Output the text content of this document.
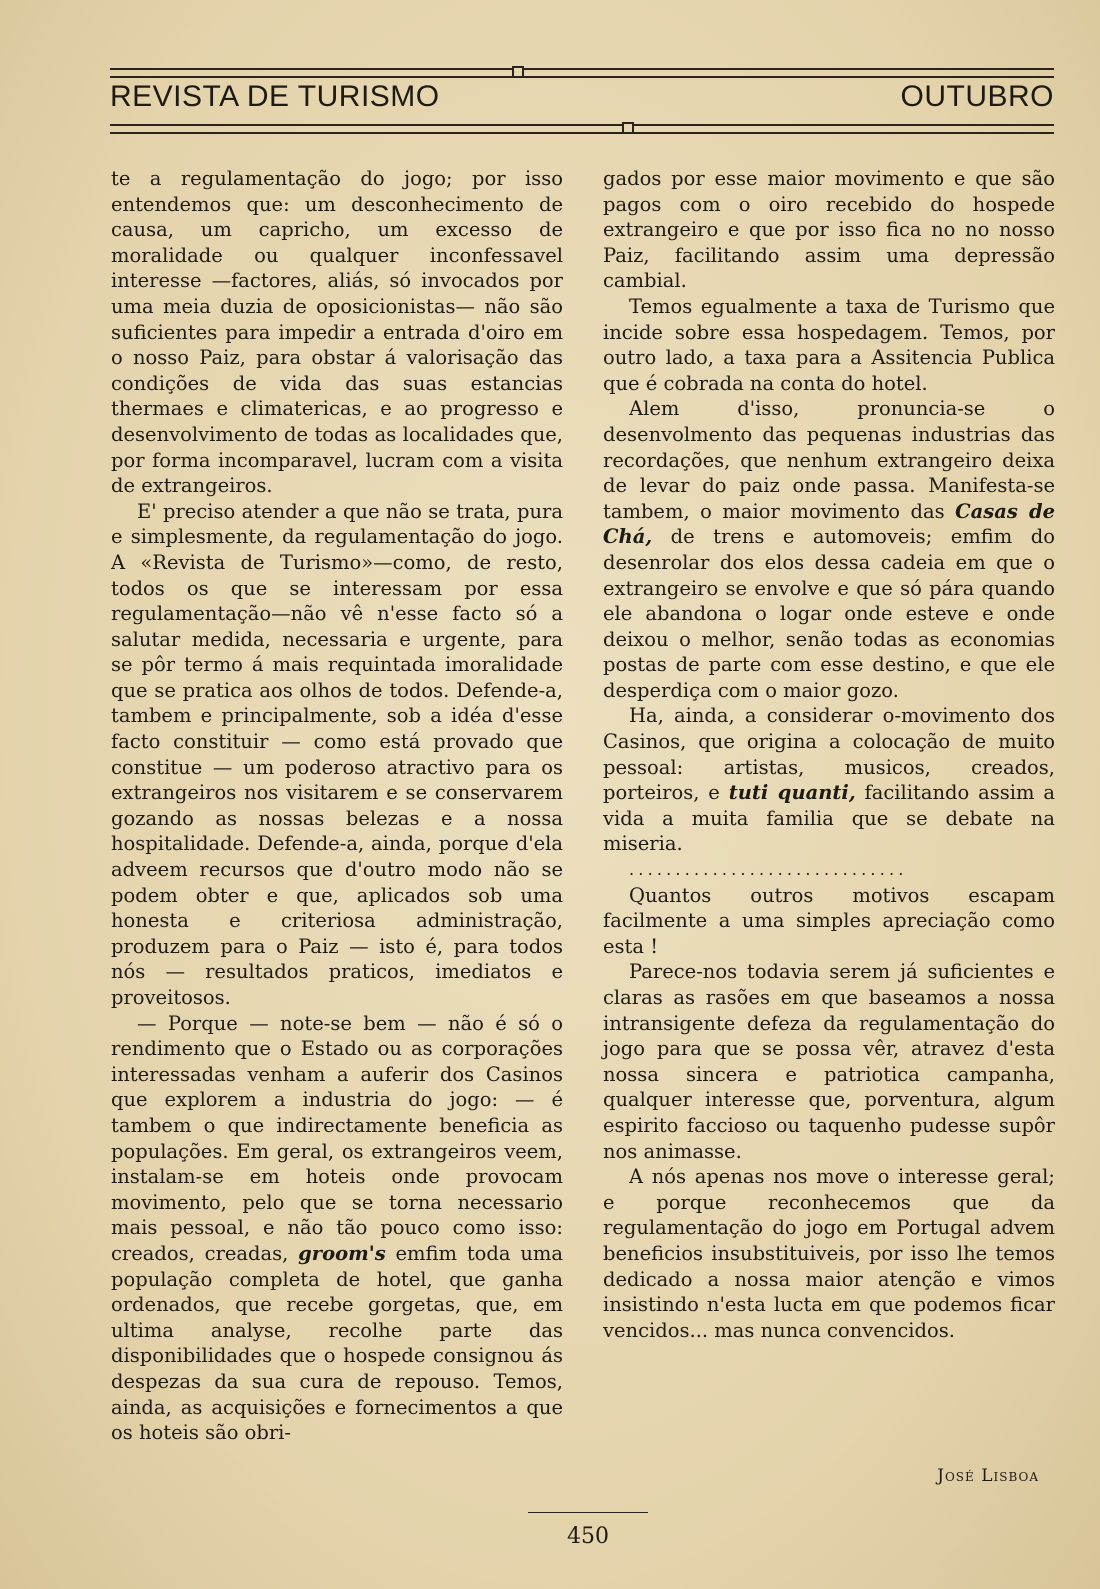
REVISTA DE TURISMO	OUTUBRO

te a regulamentação do jogo; por isso entendemos que: um desconhecimento de causa, um capricho, um excesso de moralidade ou qualquer inconfessavel interesse —factores, aliás, só invocados por uma meia duzia de oposicionistas— não são suficientes para impedir a entrada d'oiro em o nosso Paiz, para obstar á valorisação das condições de vida das suas estancias thermaes e climatericas, e ao progresso e desenvolvimento de todas as localidades que, por forma incomparavel, lucram com a visita de extrangeiros.

E' preciso atender a que não se trata, pura e simplesmente, da regulamentação do jogo. A «Revista de Turismo»—como, de resto, todos os que se interessam por essa regulamentação—não vê n'esse facto só a salutar medida, necessaria e urgente, para se pôr termo á mais requintada imoralidade que se pratica aos olhos de todos. Defende-a, tambem e principalmente, sob a idéa d'esse facto constituir — como está provado que constitue — um poderoso atractivo para os extrangeiros nos visitarem e se conservarem gozando as nossas belezas e a nossa hospitalidade. Defende-a, ainda, porque d'ela adveem recursos que d'outro modo não se podem obter e que, aplicados sob uma honesta e criteriosa administração, produzem para o Paiz — isto é, para todos nós — resultados praticos, imediatos e proveitosos.

— Porque — note-se bem — não é só o rendimento que o Estado ou as corporações interessadas venham a auferir dos Casinos que explorem a industria do jogo: — é tambem o que indirectamente beneficia as populações. Em geral, os extrangeiros veem, instalam-se em hoteis onde provocam movimento, pelo que se torna necessario mais pessoal, e não tão pouco como isso: creados, creadas, groom's emfim toda uma população completa de hotel, que ganha ordenados, que recebe gorgetas, que, em ultima analyse, recolhe parte das disponibilidades que o hospede consignou ás despezas da sua cura de repouso. Temos, ainda, as acquisições e fornecimentos a que os hoteis são obri-

gados por esse maior movimento e que são pagos com o oiro recebido do hospede extrangeiro e que por isso fica no no nosso Paiz, facilitando assim uma depressão cambial.

Temos egualmente a taxa de Turismo que incide sobre essa hospedagem. Temos, por outro lado, a taxa para a Assitencia Publica que é cobrada na conta do hotel.

Alem d'isso, pronuncia-se o desenvolmento das pequenas industrias das recordações, que nenhum extrangeiro deixa de levar do paiz onde passa. Manifesta-se tambem, o maior movimento das Casas de Chá, de trens e automoveis; emfim do desenrolar dos elos dessa cadeia em que o extrangeiro se envolve e que só pára quando ele abandona o logar onde esteve e onde deixou o melhor, senão todas as economias postas de parte com esse destino, e que ele desperdiça com o maior gozo.

Ha, ainda, a considerar o-movimento dos Casinos, que origina a colocação de muito pessoal: artistas, musicos, creados, porteiros, e tuti quanti, facilitando assim a vida a muita familia que se debate na miseria.

..............................

Quantos outros motivos escapam facilmente a uma simples apreciação como esta !

Parece-nos todavia serem já suficientes e claras as rasões em que baseamos a nossa intransigente defeza da regulamentação do jogo para que se possa vêr, atravez d'esta nossa sincera e patriotica campanha, qualquer interesse que, porventura, algum espirito faccioso ou taquenho pudesse supôr nos animasse.

A nós apenas nos move o interesse geral; e porque reconhecemos que da regulamentação do jogo em Portugal advem beneficios insubstituiveis, por isso lhe temos dedicado a nossa maior atenção e vimos insistindo n'esta lucta em que podemos ficar vencidos... mas nunca convencidos.

José Lisboa
450
